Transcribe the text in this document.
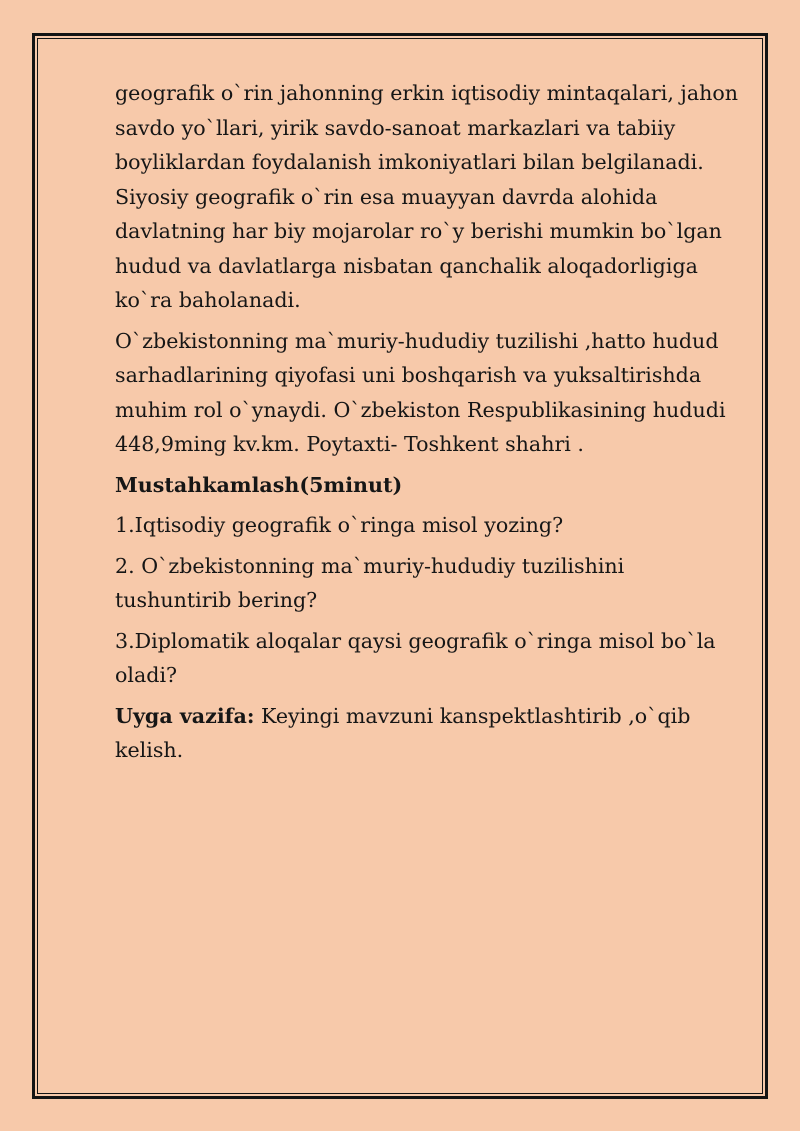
geografik o`rin jahonning erkin iqtisodiy mintaqalari, jahon savdo yo`llari, yirik savdo-sanoat markazlari va tabiiy boyliklardan foydalanish imkoniyatlari bilan belgilanadi. Siyosiy geografik o`rin esa muayyan davrda alohida davlatning har biy mojarolar ro`y berishi mumkin bo`lgan hudud va davlatlarga nisbatan qanchalik aloqadorligiga ko`ra baholanadi.

O`zbekistonning ma`muriy-hududiy tuzilishi ,hatto hudud sarhadlarining qiyofasi uni boshqarish va yuksaltirishda muhim rol o`ynaydi. O`zbekiston Respublikasining hududi 448,9ming kv.km. Poytaxti- Toshkent shahri .

Mustahkamlash(5minut)

1.Iqtisodiy geografik o`ringa misol yozing?

2. O`zbekistonning ma`muriy-hududiy tuzilishini tushuntirib bering?

3.Diplomatik aloqalar qaysi geografik o`ringa misol bo`la oladi?

Uyga vazifa: Keyingi mavzuni kanspektlashtirib ,o`qib kelish.
